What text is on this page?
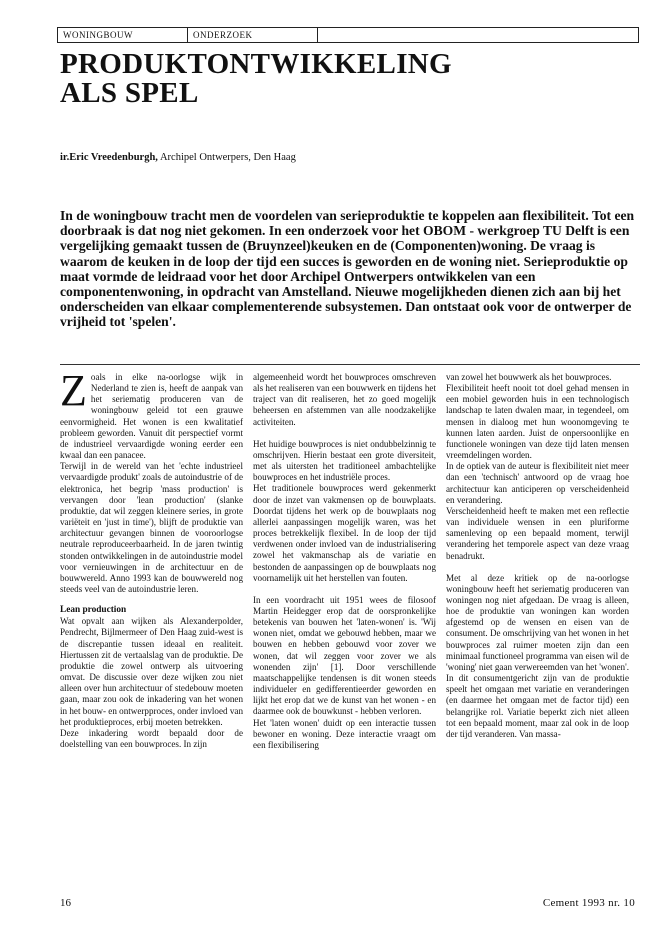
WONINGBOUW	ONDERZOEK
PRODUKTONTWIKKELING
ALS SPEL
ir.Eric Vreedenburgh, Archipel Ontwerpers, Den Haag

In de woningbouw tracht men de voordelen van serieproduktie te koppelen aan flexibiliteit. Tot een doorbraak is dat nog niet gekomen. In een onderzoek voor het OBOM - werkgroep TU Delft is een vergelijking gemaakt tussen de (Bruynzeel)keuken en de (Componenten)woning. De vraag is waarom de keuken in de loop der tijd een succes is geworden en de woning niet. Serieproduktie op maat vormde de leidraad voor het door Archipel Ontwerpers ontwikkelen van een componentenwoning, in opdracht van Amstelland. Nieuwe mogelijkheden dienen zich aan bij het onderscheiden van elkaar complementerende subsystemen. Dan ontstaat ook voor de ontwerper de vrijheid tot 'spelen'.

Zoals in elke na-oorlogse wijk in Nederland te zien is, heeft de aanpak van het seriematig produceren van de woningbouw geleid tot een grauwe eenvormigheid. Het wonen is een kwalitatief probleem geworden. Vanuit dit perspectief vormt de industrieel vervaardigde woning eerder een kwaal dan een panacee.

Terwijl in de wereld van het 'echte industrieel vervaardigde produkt' zoals de autoindustrie of de elektronica, het begrip 'mass production' is vervangen door 'lean production' (slanke produktie, dat wil zeggen kleinere series, in grote variëteit en 'just in time'), blijft de produktie van architectuur gevangen binnen de vooroorlogse neutrale reproduceerbaarheid. In de jaren twintig stonden ontwikkelingen in de autoindustrie model voor vernieuwingen in de architectuur en de bouwwereld. Anno 1993 kan de bouwwereld nog steeds veel van de autoindustrie leren.

Lean production

Wat opvalt aan wijken als Alexanderpolder, Pendrecht, Bijlmermeer of Den Haag zuid-west is de discrepantie tussen ideaal en realiteit. Hiertussen zit de vertaalslag van de produktie. De produktie die zowel ontwerp als uitvoering omvat. De discussie over deze wijken zou niet alleen over hun architectuur of stedebouw moeten gaan, maar zou ook de inkadering van het wonen in het bouw- en ontwerpproces, onder invloed van het produktieproces, erbij moeten betrekken.

Deze inkadering wordt bepaald door de doelstelling van een bouwproces. In zijn

algemeenheid wordt het bouwproces omschreven als het realiseren van een bouwwerk en tijdens het traject van dit realiseren, het zo goed mogelijk beheersen en afstemmen van alle noodzakelijke activiteiten.

Het huidige bouwproces is niet ondubbelzinnig te omschrijven. Hierin bestaat een grote diversiteit, met als uitersten het traditioneel ambachtelijke bouwproces en het industriële proces.

Het traditionele bouwproces werd gekenmerkt door de inzet van vakmensen op de bouwplaats. Doordat tijdens het werk op de bouwplaats nog allerlei aanpassingen mogelijk waren, was het proces betrekkelijk flexibel. In de loop der tijd verdwenen onder invloed van de industrialisering zowel het vakmanschap als de variatie en bestonden de aanpassingen op de bouwplaats nog voornamelijk uit het herstellen van fouten.

In een voordracht uit 1951 wees de filosoof Martin Heidegger erop dat de oorspronkelijke betekenis van bouwen het 'laten-wonen' is. 'Wij wonen niet, omdat we gebouwd hebben, maar we bouwen en hebben gebouwd voor zover we wonen, dat wil zeggen voor zover we als wonenden zijn' [1]. Door verschillende maatschappelijke tendensen is dit wonen steeds individueler en gedifferentieerder geworden en lijkt het erop dat we de kunst van het wonen - en daarmee ook de bouwkunst - hebben verloren.

Het 'laten wonen' duidt op een interactie tussen bewoner en woning. Deze interactie vraagt om een flexibilisering

van zowel het bouwwerk als het bouwproces.

Flexibiliteit heeft nooit tot doel gehad mensen in een mobiel geworden huis in een technologisch landschap te laten dwalen maar, in tegendeel, om mensen in dialoog met hun woonomgeving te kunnen laten aarden. Juist de onpersoonlijke en functionele woningen van deze tijd laten mensen vreemdelingen worden.

In de optiek van de auteur is flexibiliteit niet meer dan een 'technisch' antwoord op de vraag hoe architectuur kan anticiperen op verscheidenheid en verandering.

Verscheidenheid heeft te maken met een reflectie van individuele wensen in een pluriforme samenleving op een bepaald moment, terwijl verandering het temporele aspect van deze vraag benadrukt.

Met al deze kritiek op de na-oorlogse woningbouw heeft het seriematig produceren van woningen nog niet afgedaan. De vraag is alleen, hoe de produktie van woningen kan worden afgestemd op de wensen en eisen van de consument. De omschrijving van het wonen in het bouwproces zal ruimer moeten zijn dan een minimaal functioneel programma van eisen wil de 'woning' niet gaan verwereemden van het 'wonen'. In dit consumentgericht zijn van de produktie speelt het omgaan met variatie en veranderingen (en daarmee het omgaan met de factor tijd) een belangrijke rol. Variatie beperkt zich niet alleen tot een bepaald moment, maar zal ook in de loop der tijd veranderen. Van massa-

16	Cement 1993 nr. 10
